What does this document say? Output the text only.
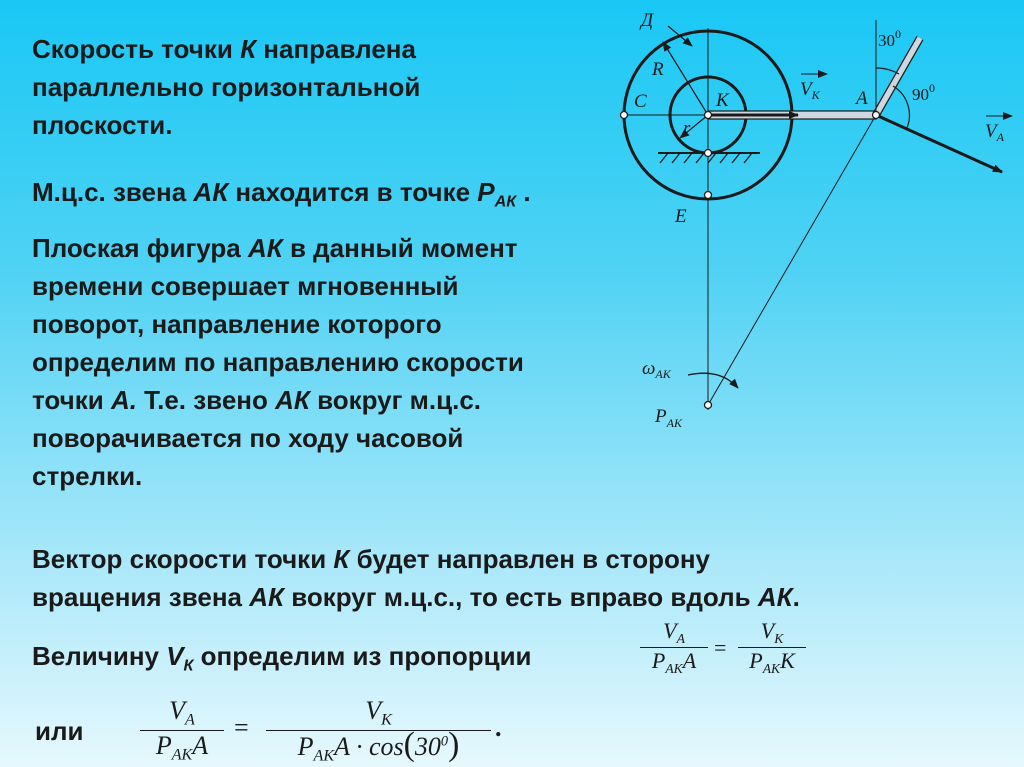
Д
R
С	К
r
Е
А
$30^0$
$90^0$
$V_К$
$V_A$
$\omega_{АК}$
$P_{АК}$
Скорость точки К направлена
параллельно горизонтальной
плоскости.
М.ц.с. звена АК находится в точке $P_{АК}$ .
Плоская фигура АК в данный момент
времени совершает мгновенный
поворот, направление которого
определим по направлению скорости
точки А. Т.е. звено АК вокруг м.ц.с.
поворачивается по ходу часовой
стрелки.
Вектор скорости точки К будет направлен в сторону
вращения звена АК вокруг м.ц.с., то есть вправо вдоль АК.
Величину $V_К$ определим из пропорции
$V_A$
$P_{АК}A$
=
$V_К$
$P_{АК}К$
или
$V_A$
$P_{АК}A$
=
$V_К$
$P_{АК}A \cdot \cos(30^0)$	.
